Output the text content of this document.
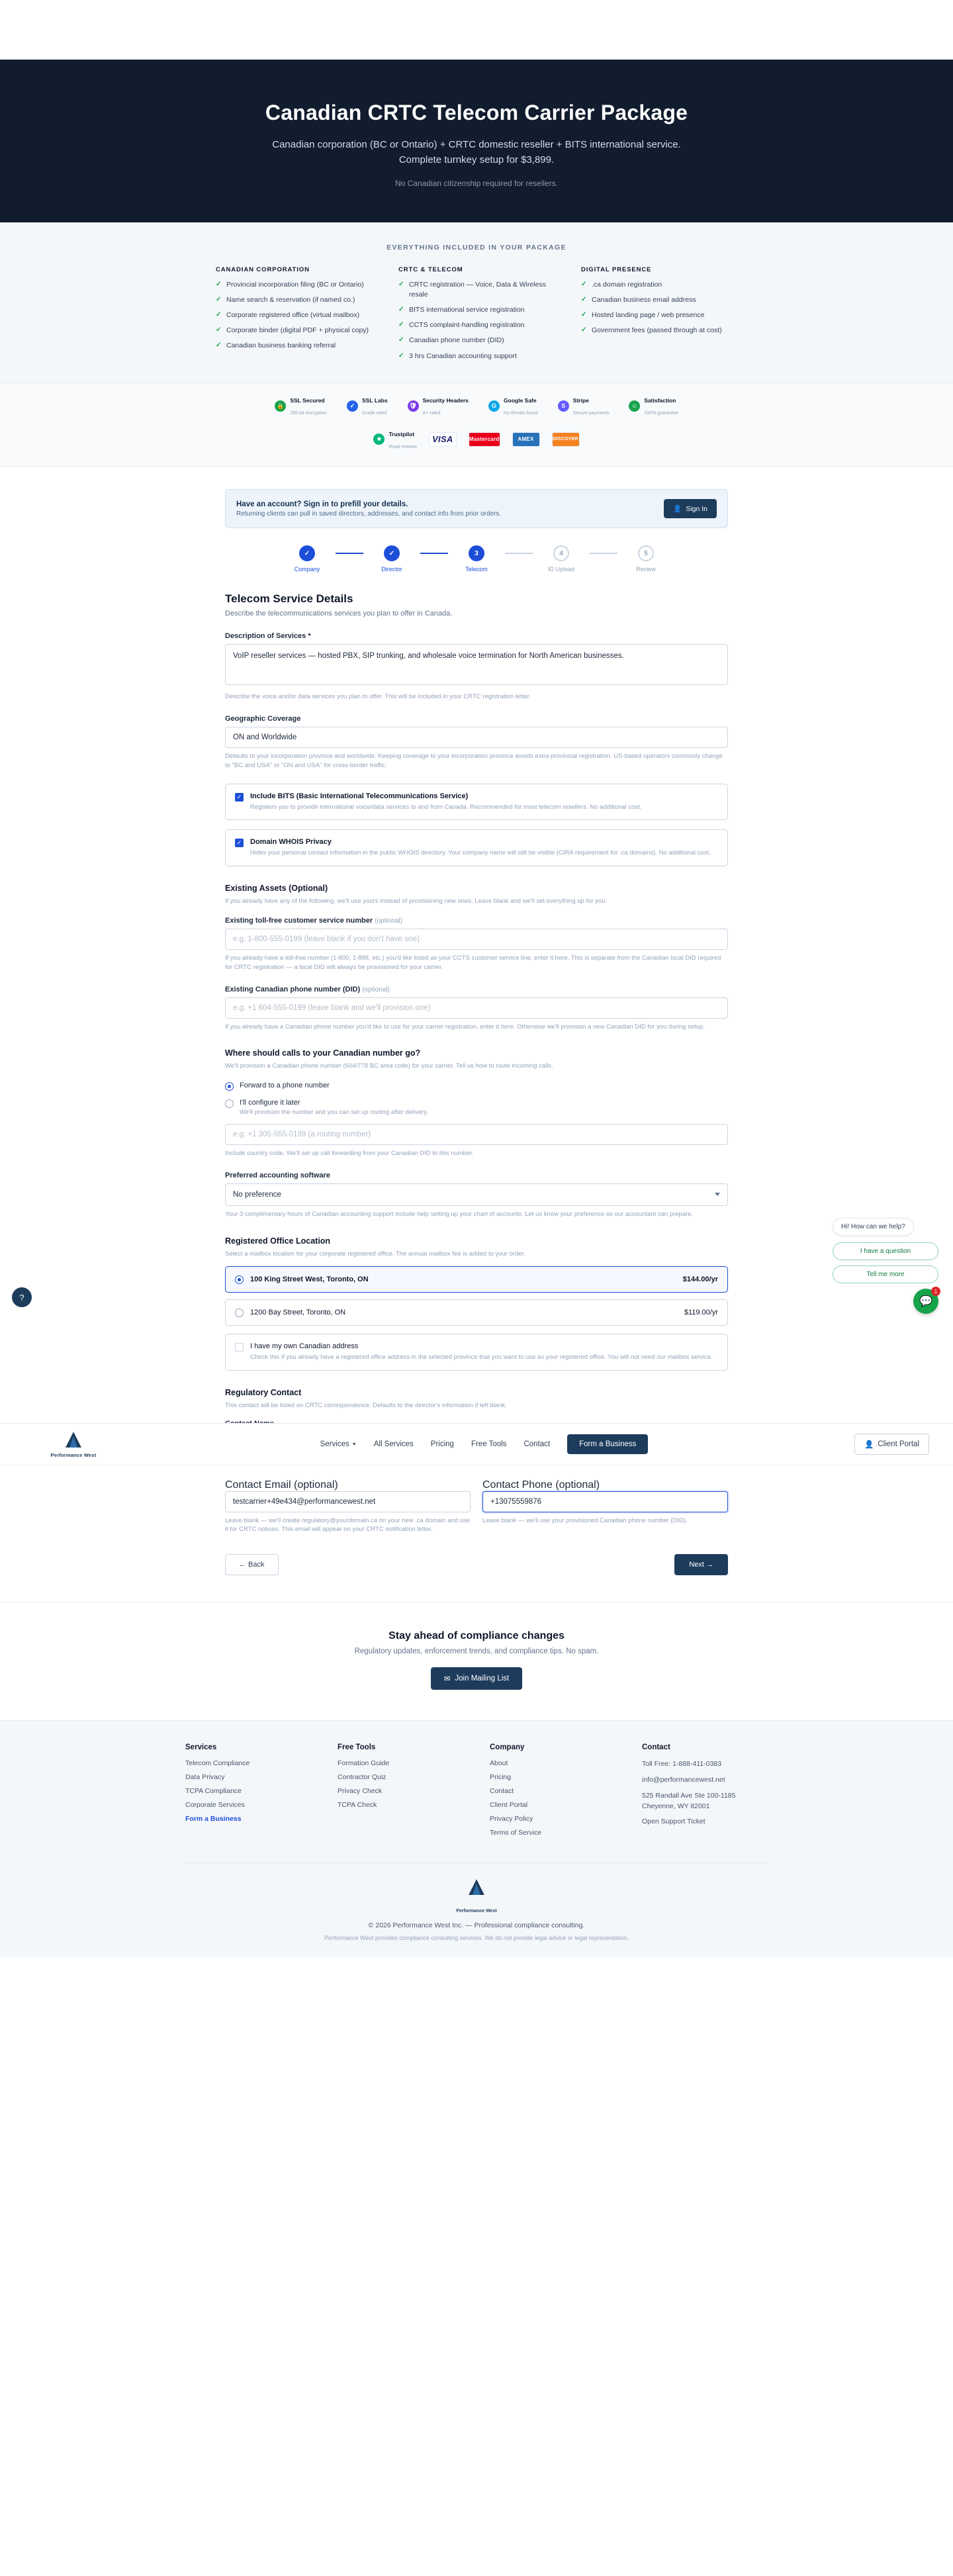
Canadian CRTC Telecom Carrier Package

Canadian corporation (BC or Ontario) + CRTC domestic reseller + BITS international service. Complete turnkey setup for $3,899.

No Canadian citizenship required for resellers.

EVERYTHING INCLUDED IN YOUR PACKAGE
CANADIAN CORPORATION
✓ Provincial incorporation filing (BC or Ontario)
✓ Name search & reservation (if named co.)
✓ Corporate registered office (virtual mailbox)
✓ Corporate binder (digital PDF + physical copy)
✓ Canadian business banking referral
CRTC & TELECOM
✓ CRTC registration — Voice, Data & Wireless resale
✓ BITS international service registration
✓ CCTS complaint-handling registration
✓ Canadian phone number (DID)
✓ 3 hrs Canadian accounting support
DIGITAL PRESENCE
✓ .ca domain registration
✓ Canadian business email address
✓ Hosted landing page / web presence
✓ Government fees (passed through at cost)
🔒
SSL Secured
256-bit encryption
✓
SSL Labs
Grade rated
🛡
Security Headers
A+ rated
G
Google Safe
No threats found
S
Stripe
Secure payments
☺
Satisfaction
100% guarantee
★
Trustpilot
Read reviews
VISA	Mastercard	AMEX	DISCOVER
Have an account? Sign in to prefill your details.
Returning clients can pull in saved directors, addresses, and contact info from prior orders.
👤 Sign In
✓
Company
✓
Director
3
Telecom
4
ID Upload
5
Review
Telecom Service Details

Describe the telecommunications services you plan to offer in Canada.

Description of Services *
VoIP reseller services — hosted PBX, SIP trunking, and wholesale voice termination for North American businesses.
Describe the voice and/or data services you plan to offer. This will be included in your CRTC registration letter.
Geographic Coverage
ON and Worldwide
Defaults to your incorporation province and worldwide. Keeping coverage to your incorporation province avoids extra provincial registration. US-based operators commonly change to "BC and USA" or "ON and USA" for cross-border traffic.
✓ Include BITS (Basic International Telecommunications Service)
Registers you to provide international voice/data services to and from Canada. Recommended for most telecom resellers. No additional cost.
✓ Domain WHOIS Privacy
Hides your personal contact information in the public WHOIS directory. Your company name will still be visible (CIRA requirement for .ca domains). No additional cost.
Existing Assets (Optional)
If you already have any of the following, we'll use yours instead of provisioning new ones. Leave blank and we'll set everything up for you.
Existing toll-free customer service number (optional)
e.g. 1-800-555-0199 (leave blank if you don't have one)
If you already have a toll-free number (1-800, 1-888, etc.) you'd like listed as your CCTS customer service line, enter it here. This is separate from the Canadian local DID required for CRTC registration — a local DID will always be provisioned for your carrier.
Existing Canadian phone number (DID) (optional)
e.g. +1 604-555-0199 (leave blank and we'll provision one)
If you already have a Canadian phone number you'd like to use for your carrier registration, enter it here. Otherwise we'll provision a new Canadian DID for you during setup.
Where should calls to your Canadian number go?
We'll provision a Canadian phone number (604/778 BC area code) for your carrier. Tell us how to route incoming calls.
Forward to a phone number
I'll configure it later
We'll provision the number and you can set up routing after delivery.
e.g. +1 305-555-0199 (a routing number)
Include country code. We'll set up call forwarding from your Canadian DID to this number.
Preferred accounting software
No preference
Your 3 complimentary hours of Canadian accounting support include help setting up your chart of accounts. Let us know your preference so our accountant can prepare.
Registered Office Location
Select a mailbox location for your corporate registered office. The annual mailbox fee is added to your order.
100 King Street West, Toronto, ON	$144.00/yr
1200 Bay Street, Toronto, ON	$119.00/yr
I have my own Canadian address
Check this if you already have a registered office address in the selected province that you want to use as your registered office. You will not need our mailbox service.
Regulatory Contact
This contact will be listed on CRTC correspondence. Defaults to the director's information if left blank.
Michael TestON
Contact Email (optional) testcarrier+49e434@performancewest.net
Leave blank — we'll create regulatory@yourdomain.ca on your new .ca domain and use it for CRTC notices. This email will appear on your CRTC notification letter.
Contact Phone (optional) +13075559876
Leave blank — we'll use your provisioned Canadian phone number (DID).
← Back	Next →
Stay ahead of compliance changes

Regulatory updates, enforcement trends, and compliance tips. No spam.

✉ Join Mailing List
Services
Telecom Compliance
Data Privacy
TCPA Compliance
Corporate Services
Form a Business
Free Tools
Formation Guide
Contractor Quiz
Privacy Check
TCPA Check
Company
About
Pricing
Contact
Client Portal
Privacy Policy
Terms of Service
Contact
Toll Free: 1-888-411-0383
info@performancewest.net
525 Randall Ave Ste 100-1185
Cheyenne, WY 82001
Open Support Ticket
Performance West
© 2026 Performance West Inc. — Professional compliance consulting.
Performance West provides compliance consulting services. We do not provide legal advice or legal representation.
Performance West
Services ▼ All Services Pricing Free Tools Contact	Form a Business	👤 Client Portal
Hi! How can we help?
I have a question
Tell me more
💬
1
?
